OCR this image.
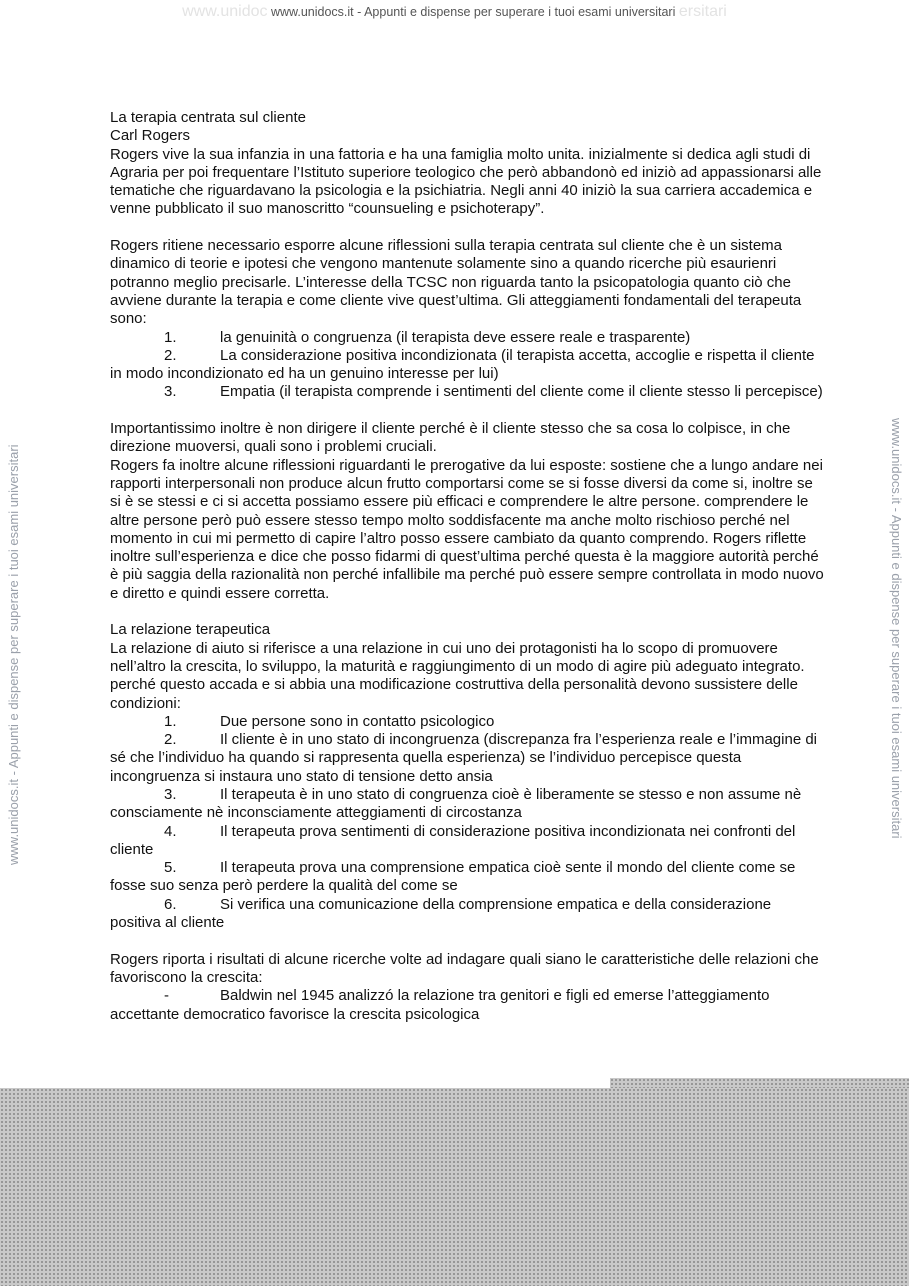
www.unidoc www.unidocs.it - Appunti e dispense per superare i tuoi esami universitari ersitari
www.unidocs.it - Appunti e dispense per superare i tuoi esami universitari	www.unidocs.it - Appunti e dispense per superare i tuoi esami universitari

La terapia centrata sul cliente

Carl Rogers

Rogers vive la sua infanzia in una fattoria e ha una famiglia molto unita. inizialmente si dedica agli studi di Agraria per poi frequentare l’Istituto superiore teologico che però abbandonò ed iniziò ad appassionarsi alle tematiche che riguardavano la psicologia e la psichiatria. Negli anni 40 iniziò la sua carriera accademica e venne pubblicato il suo manoscritto “counsueling e psichoterapy”.

Rogers ritiene necessario esporre alcune riflessioni sulla terapia centrata sul cliente che è un sistema dinamico di teorie e ipotesi che vengono mantenute solamente sino a quando ricerche più esaurienri potranno meglio precisarle. L’interesse della TCSC non riguarda tanto la psicopatologia quanto ciò che avviene durante la terapia e come cliente vive quest’ultima. Gli atteggiamenti fondamentali del terapeuta sono:

1.	la genuinità o congruenza (il terapista deve essere reale e trasparente)

2.	La considerazione positiva incondizionata (il terapista accetta, accoglie e rispetta il cliente in modo incondizionato ed ha un genuino interesse per lui)

3.	Empatia (il terapista comprende i sentimenti del cliente come il cliente stesso li percepisce)

Importantissimo inoltre è non dirigere il cliente perché è il cliente stesso che sa cosa lo colpisce, in che direzione muoversi, quali sono i problemi cruciali.

Rogers fa inoltre alcune riflessioni riguardanti le prerogative da lui esposte: sostiene che a lungo andare nei rapporti interpersonali non produce alcun frutto comportarsi come se si fosse diversi da come si, inoltre se si è se stessi e ci si accetta possiamo essere più efficaci e comprendere le altre persone. comprendere le altre persone però può essere stesso tempo molto soddisfacente ma anche molto rischioso perché nel momento in cui mi permetto di capire l’altro posso essere cambiato da quanto comprendo. Rogers riflette inoltre sull’esperienza e dice che posso fidarmi di quest’ultima perché questa è la maggiore autorità perché è più saggia della razionalità non perché infallibile ma perché può essere sempre controllata in modo nuovo e diretto e quindi essere corretta.

La relazione terapeutica

La relazione di aiuto si riferisce a una relazione in cui uno dei protagonisti ha lo scopo di promuovere nell’altro la crescita, lo sviluppo, la maturità e raggiungimento di un modo di agire più adeguato integrato. perché questo accada e si abbia una modificazione costruttiva della personalità devono sussistere delle condizioni:

1.	Due persone sono in contatto psicologico

2.	Il cliente è in uno stato di incongruenza (discrepanza fra l’esperienza reale e l’immagine di sé che l’individuo ha quando si rappresenta quella esperienza) se l’individuo percepisce questa incongruenza si instaura uno stato di tensione detto ansia

3.	Il terapeuta è in uno stato di congruenza cioè è liberamente se stesso e non assume nè consciamente nè inconsciamente atteggiamenti di circostanza

4.	Il terapeuta prova sentimenti di considerazione positiva incondizionata nei confronti del cliente

5.	Il terapeuta prova una comprensione empatica cioè sente il mondo del cliente come se fosse suo senza però perdere la qualità del come se

6.	Si verifica una comunicazione della comprensione empatica e della considerazione positiva al cliente

Rogers riporta i risultati di alcune ricerche volte ad indagare quali siano le caratteristiche delle relazioni che favoriscono la crescita:

-	Baldwin nel 1945 analizzó la relazione tra genitori e figli ed emerse l’atteggiamento accettante democratico favorisce la crescita psicologica
